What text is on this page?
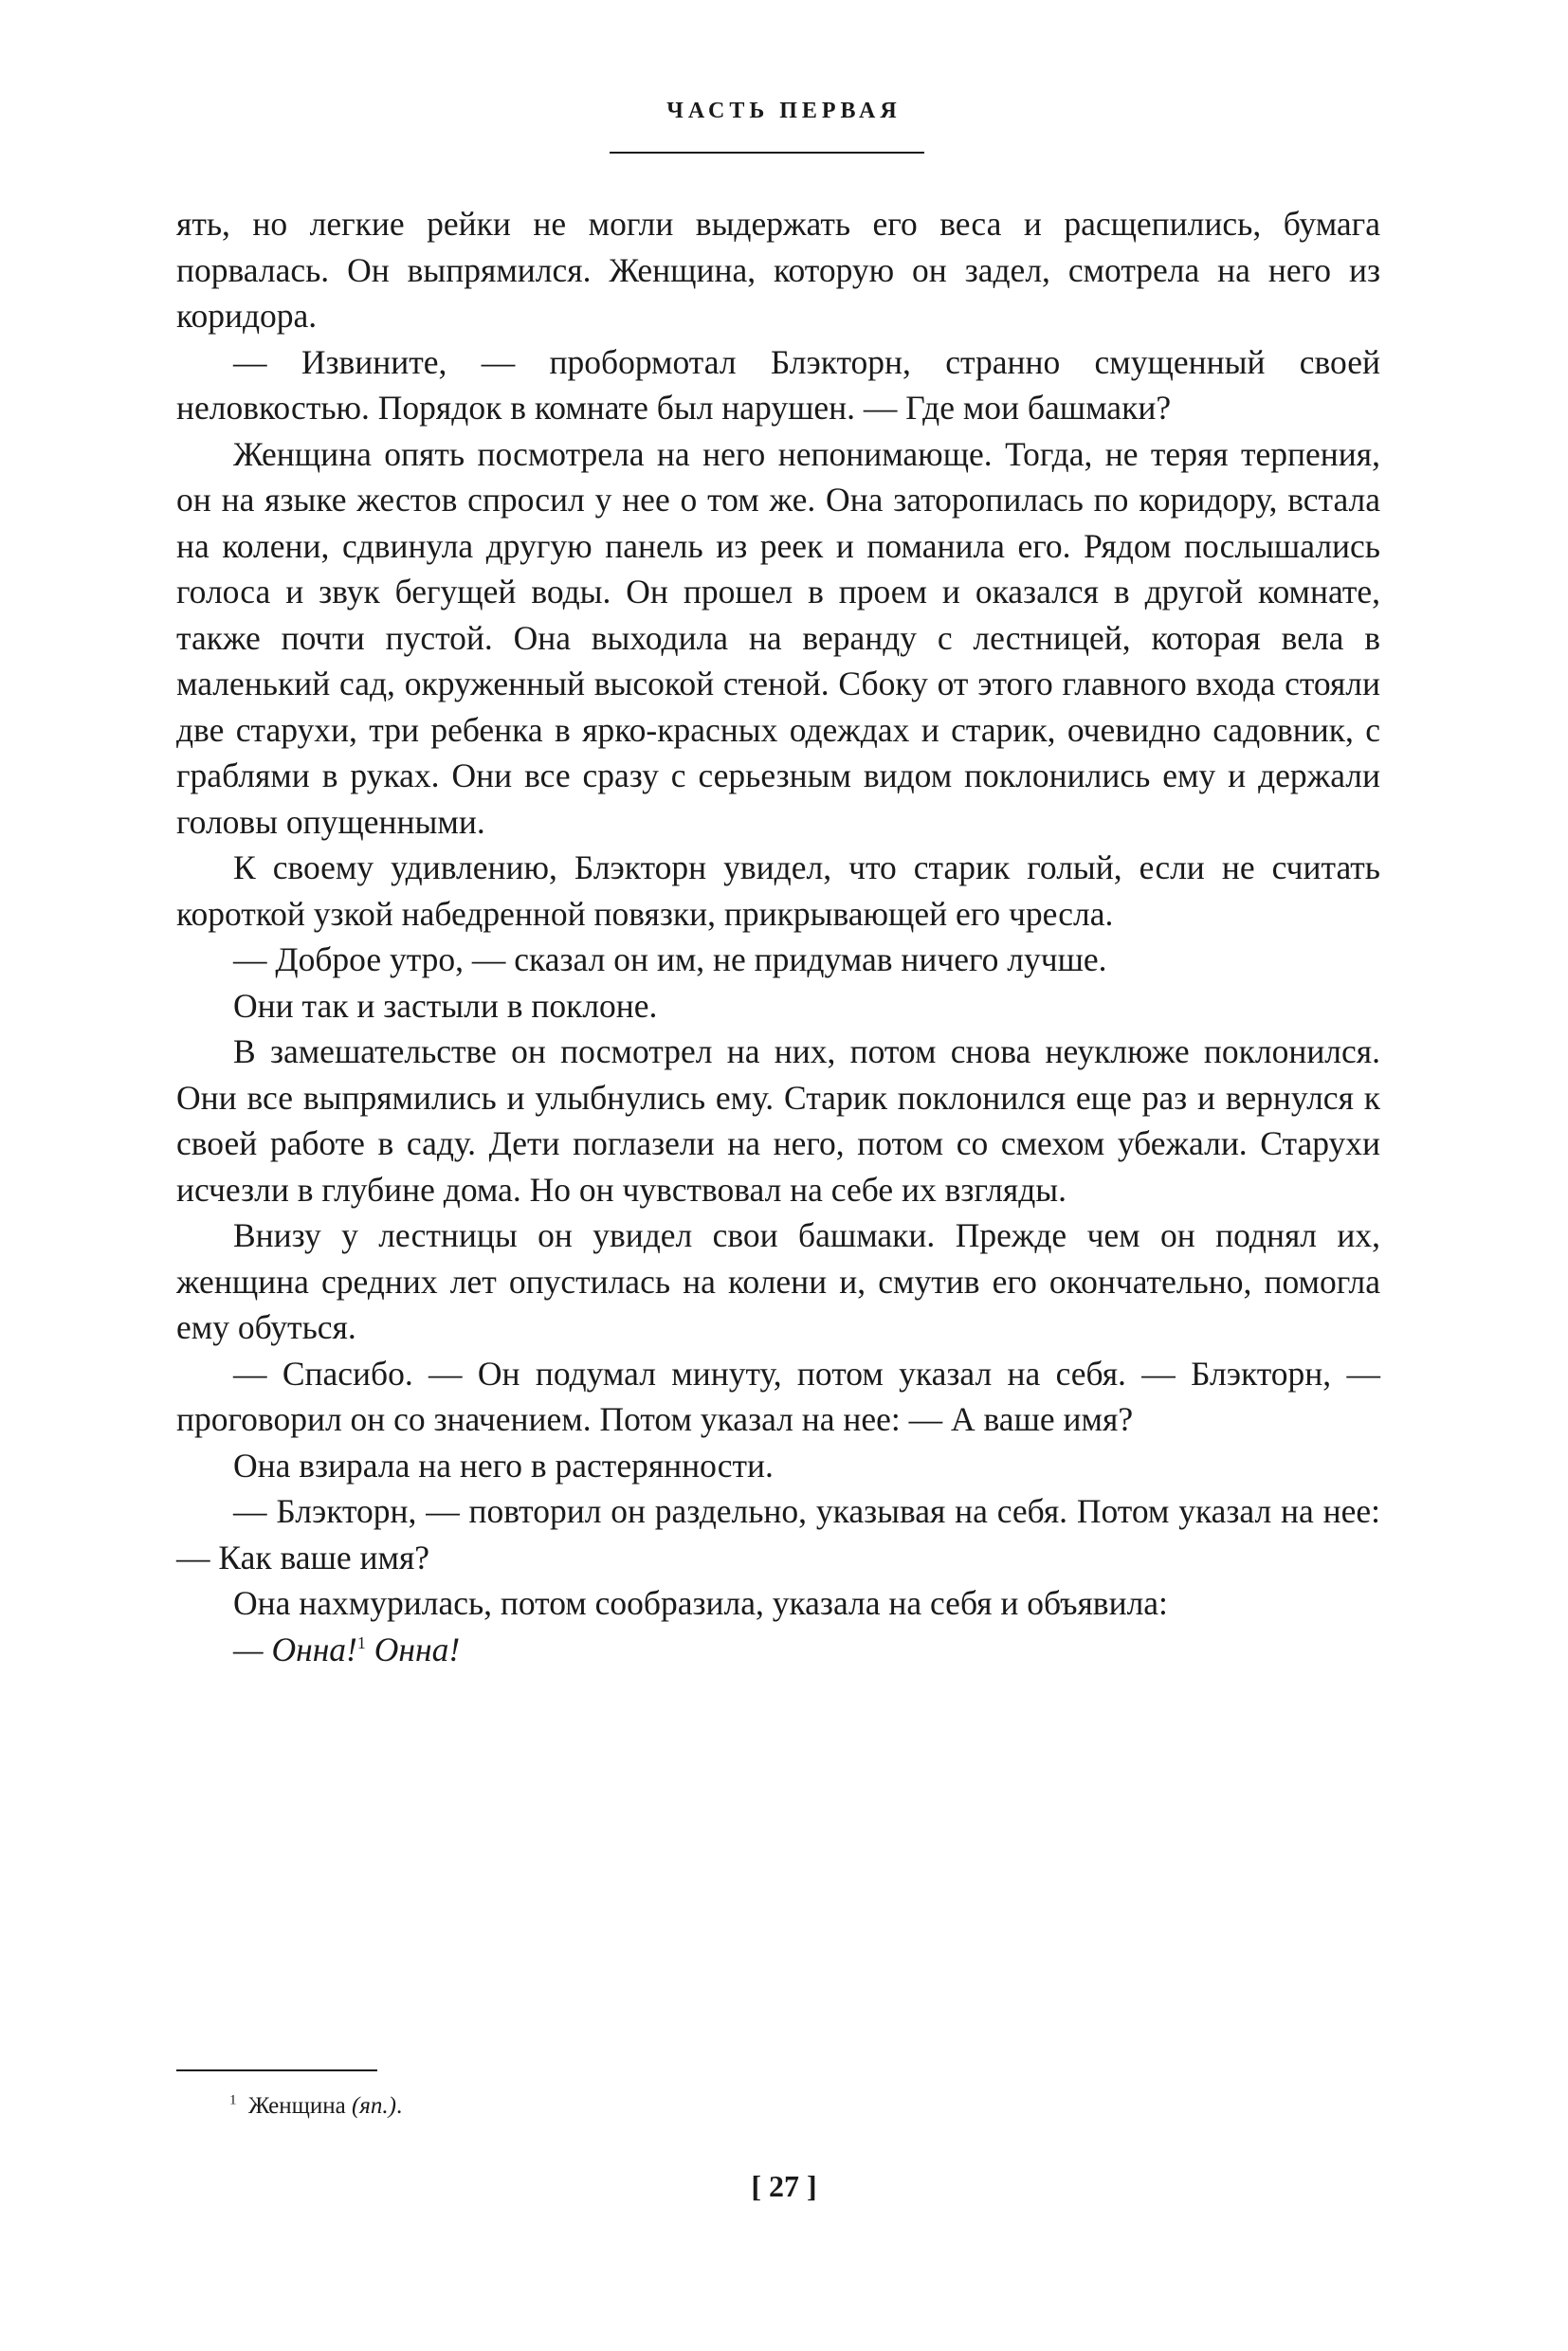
ЧАСТЬ ПЕРВАЯ

ять, но легкие рейки не могли выдержать его веса и расщепились, бумага порвалась. Он выпрямился. Женщина, которую он задел, смотрела на него из коридора.

— Извините, — пробормотал Блэкторн, странно смущенный своей неловкостью. Порядок в комнате был нарушен. — Где мои башмаки?

Женщина опять посмотрела на него непонимающе. Тогда, не теряя терпения, он на языке жестов спросил у нее о том же. Она заторопилась по коридору, встала на колени, сдвинула другую панель из реек и поманила его. Рядом послышались голоса и звук бегущей воды. Он прошел в проем и оказался в другой комнате, также почти пустой. Она выходила на веранду с лестницей, которая вела в маленький сад, окруженный высокой стеной. Сбоку от этого главного входа стояли две старухи, три ребенка в ярко-красных одеждах и старик, очевидно садовник, с граблями в руках. Они все сразу с серьезным видом поклонились ему и держали головы опущенными.

К своему удивлению, Блэкторн увидел, что старик голый, если не считать короткой узкой набедренной повязки, прикрывающей его чресла.

— Доброе утро, — сказал он им, не придумав ничего лучше.

Они так и застыли в поклоне.

В замешательстве он посмотрел на них, потом снова неуклюже поклонился. Они все выпрямились и улыбнулись ему. Старик поклонился еще раз и вернулся к своей работе в саду. Дети поглазели на него, потом со смехом убежали. Старухи исчезли в глубине дома. Но он чувствовал на себе их взгляды.

Внизу у лестницы он увидел свои башмаки. Прежде чем он поднял их, женщина средних лет опустилась на колени и, смутив его окончательно, помогла ему обуться.

— Спасибо. — Он подумал минуту, потом указал на себя. — Блэкторн, — проговорил он со значением. Потом указал на нее: — А ваше имя?

Она взирала на него в растерянности.

— Блэкторн, — повторил он раздельно, указывая на себя. Потом указал на нее: — Как ваше имя?

Она нахмурилась, потом сообразила, указала на себя и объявила:

— Онна!$^1$ Онна!

$^1$ Женщина (яп.).
[ 27 ]
